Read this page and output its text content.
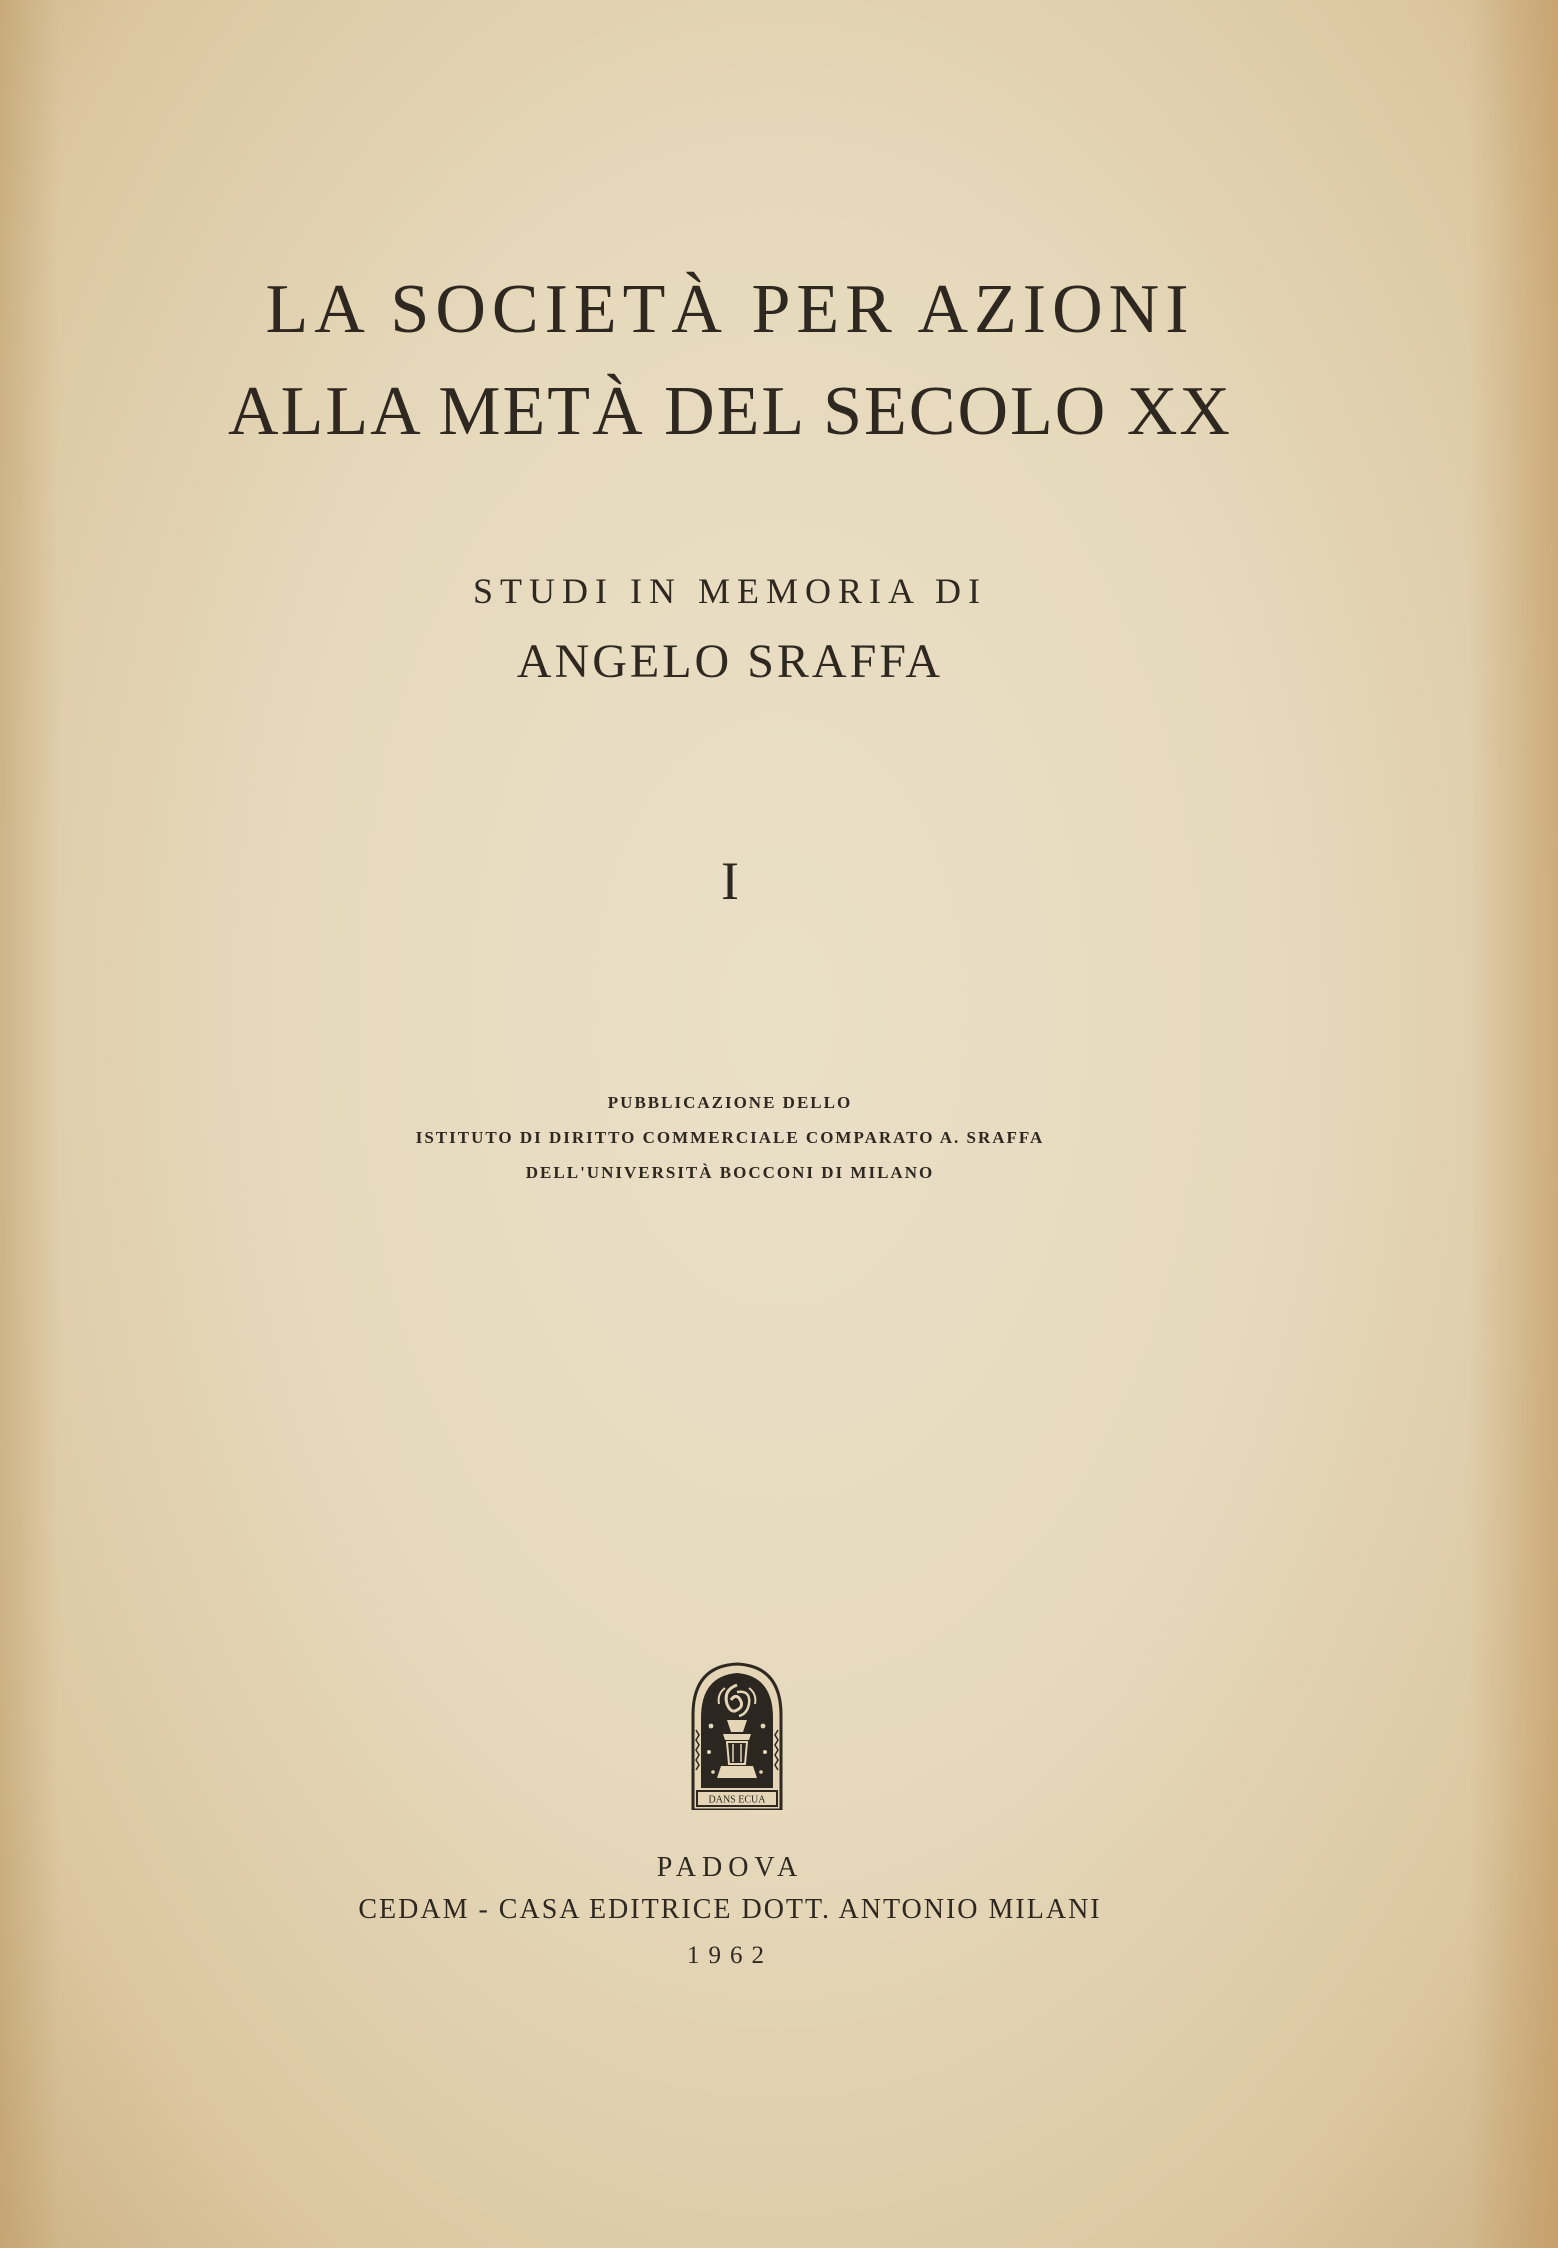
LA SOCIETÀ PER AZIONI
ALLA METÀ DEL SECOLO XX
STUDI IN MEMORIA DI
ANGELO SRAFFA
I
PUBBLICAZIONE DELLO
ISTITUTO DI DIRITTO COMMERCIALE COMPARATO A. SRAFFA
DELL'UNIVERSITÀ BOCCONI DI MILANO
DANS ECUA
PADOVA
CEDAM - CASA EDITRICE DOTT. ANTONIO MILANI
1962
